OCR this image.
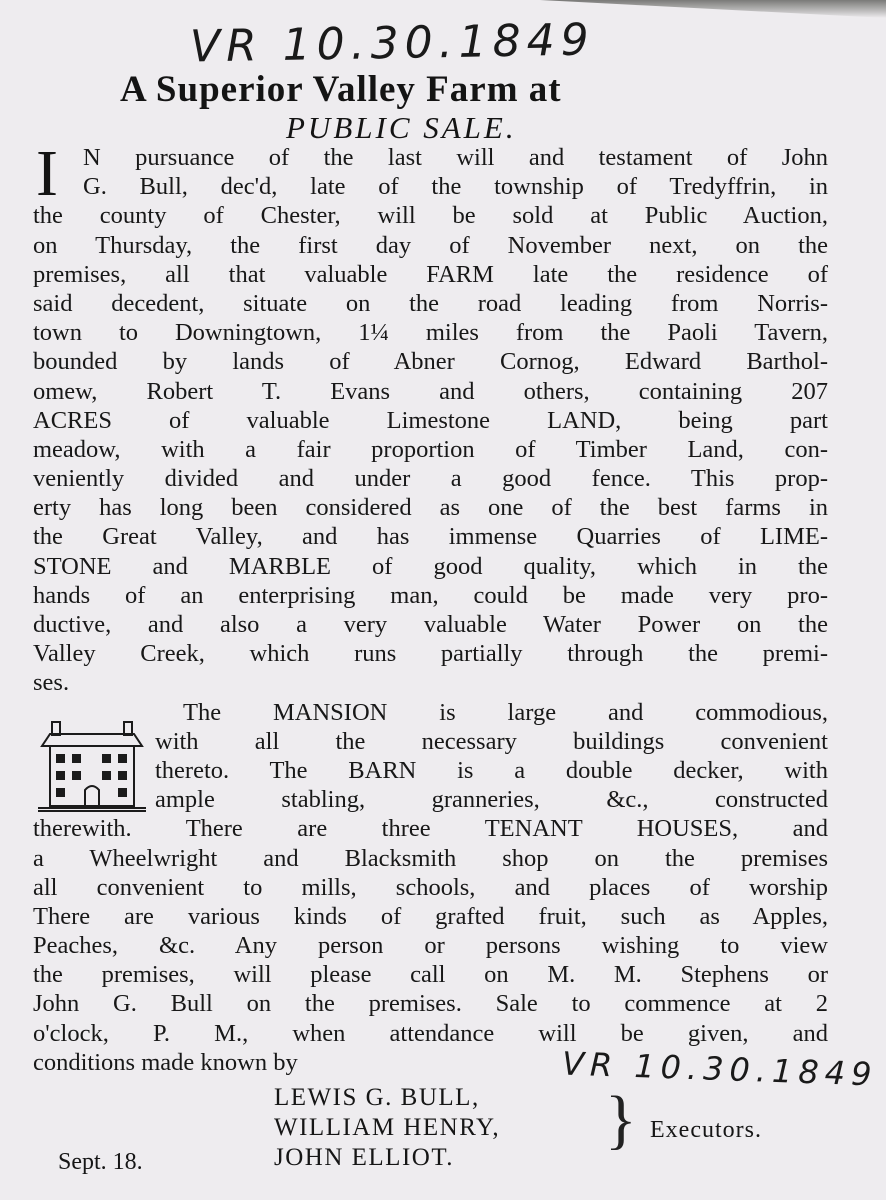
VR 10.30.1849
A Superior Valley Farm at
PUBLIC SALE.
I	N pursuance of the last will and testament of John
G. Bull, dec'd, late of the township of Tredyffrin, in
the county of Chester, will be sold at Public Auction,
on Thursday, the first day of November next, on the
premises, all that valuable FARM late the residence of
said decedent, situate on the road leading from Norris-
town to Downingtown, 1¼ miles from the Paoli Tavern,
bounded by lands of Abner Cornog, Edward Barthol-
omew, Robert T. Evans and others, containing 207
ACRES of valuable Limestone LAND, being part
meadow, with a fair proportion of Timber Land, con-
veniently divided and under a good fence. This prop-
erty has long been considered as one of the best farms in
the Great Valley, and has immense Quarries of LIME-
STONE and MARBLE of good quality, which in the
hands of an enterprising man, could be made very pro-
ductive, and also a very valuable Water Power on the
Valley Creek, which runs partially through the premi-
ses.
The MANSION is large and commodious,
with all the necessary buildings convenient
thereto. The BARN is a double decker, with
ample stabling, granneries, &c., constructed
therewith. There are three TENANT HOUSES, and
a Wheelwright and Blacksmith shop on the premises
all convenient to mills, schools, and places of worship
There are various kinds of grafted fruit, such as Apples,
Peaches, &c. Any person or persons wishing to view
the premises, will please call on M. M. Stephens or
John G. Bull on the premises. Sale to commence at 2
o'clock, P. M., when attendance will be given, and
conditions made known by	VR 10.30.1849
LEWIS G. BULL,
WILLIAM HENRY,
JOHN ELLIOT.
} Executors.
Sept. 18.
